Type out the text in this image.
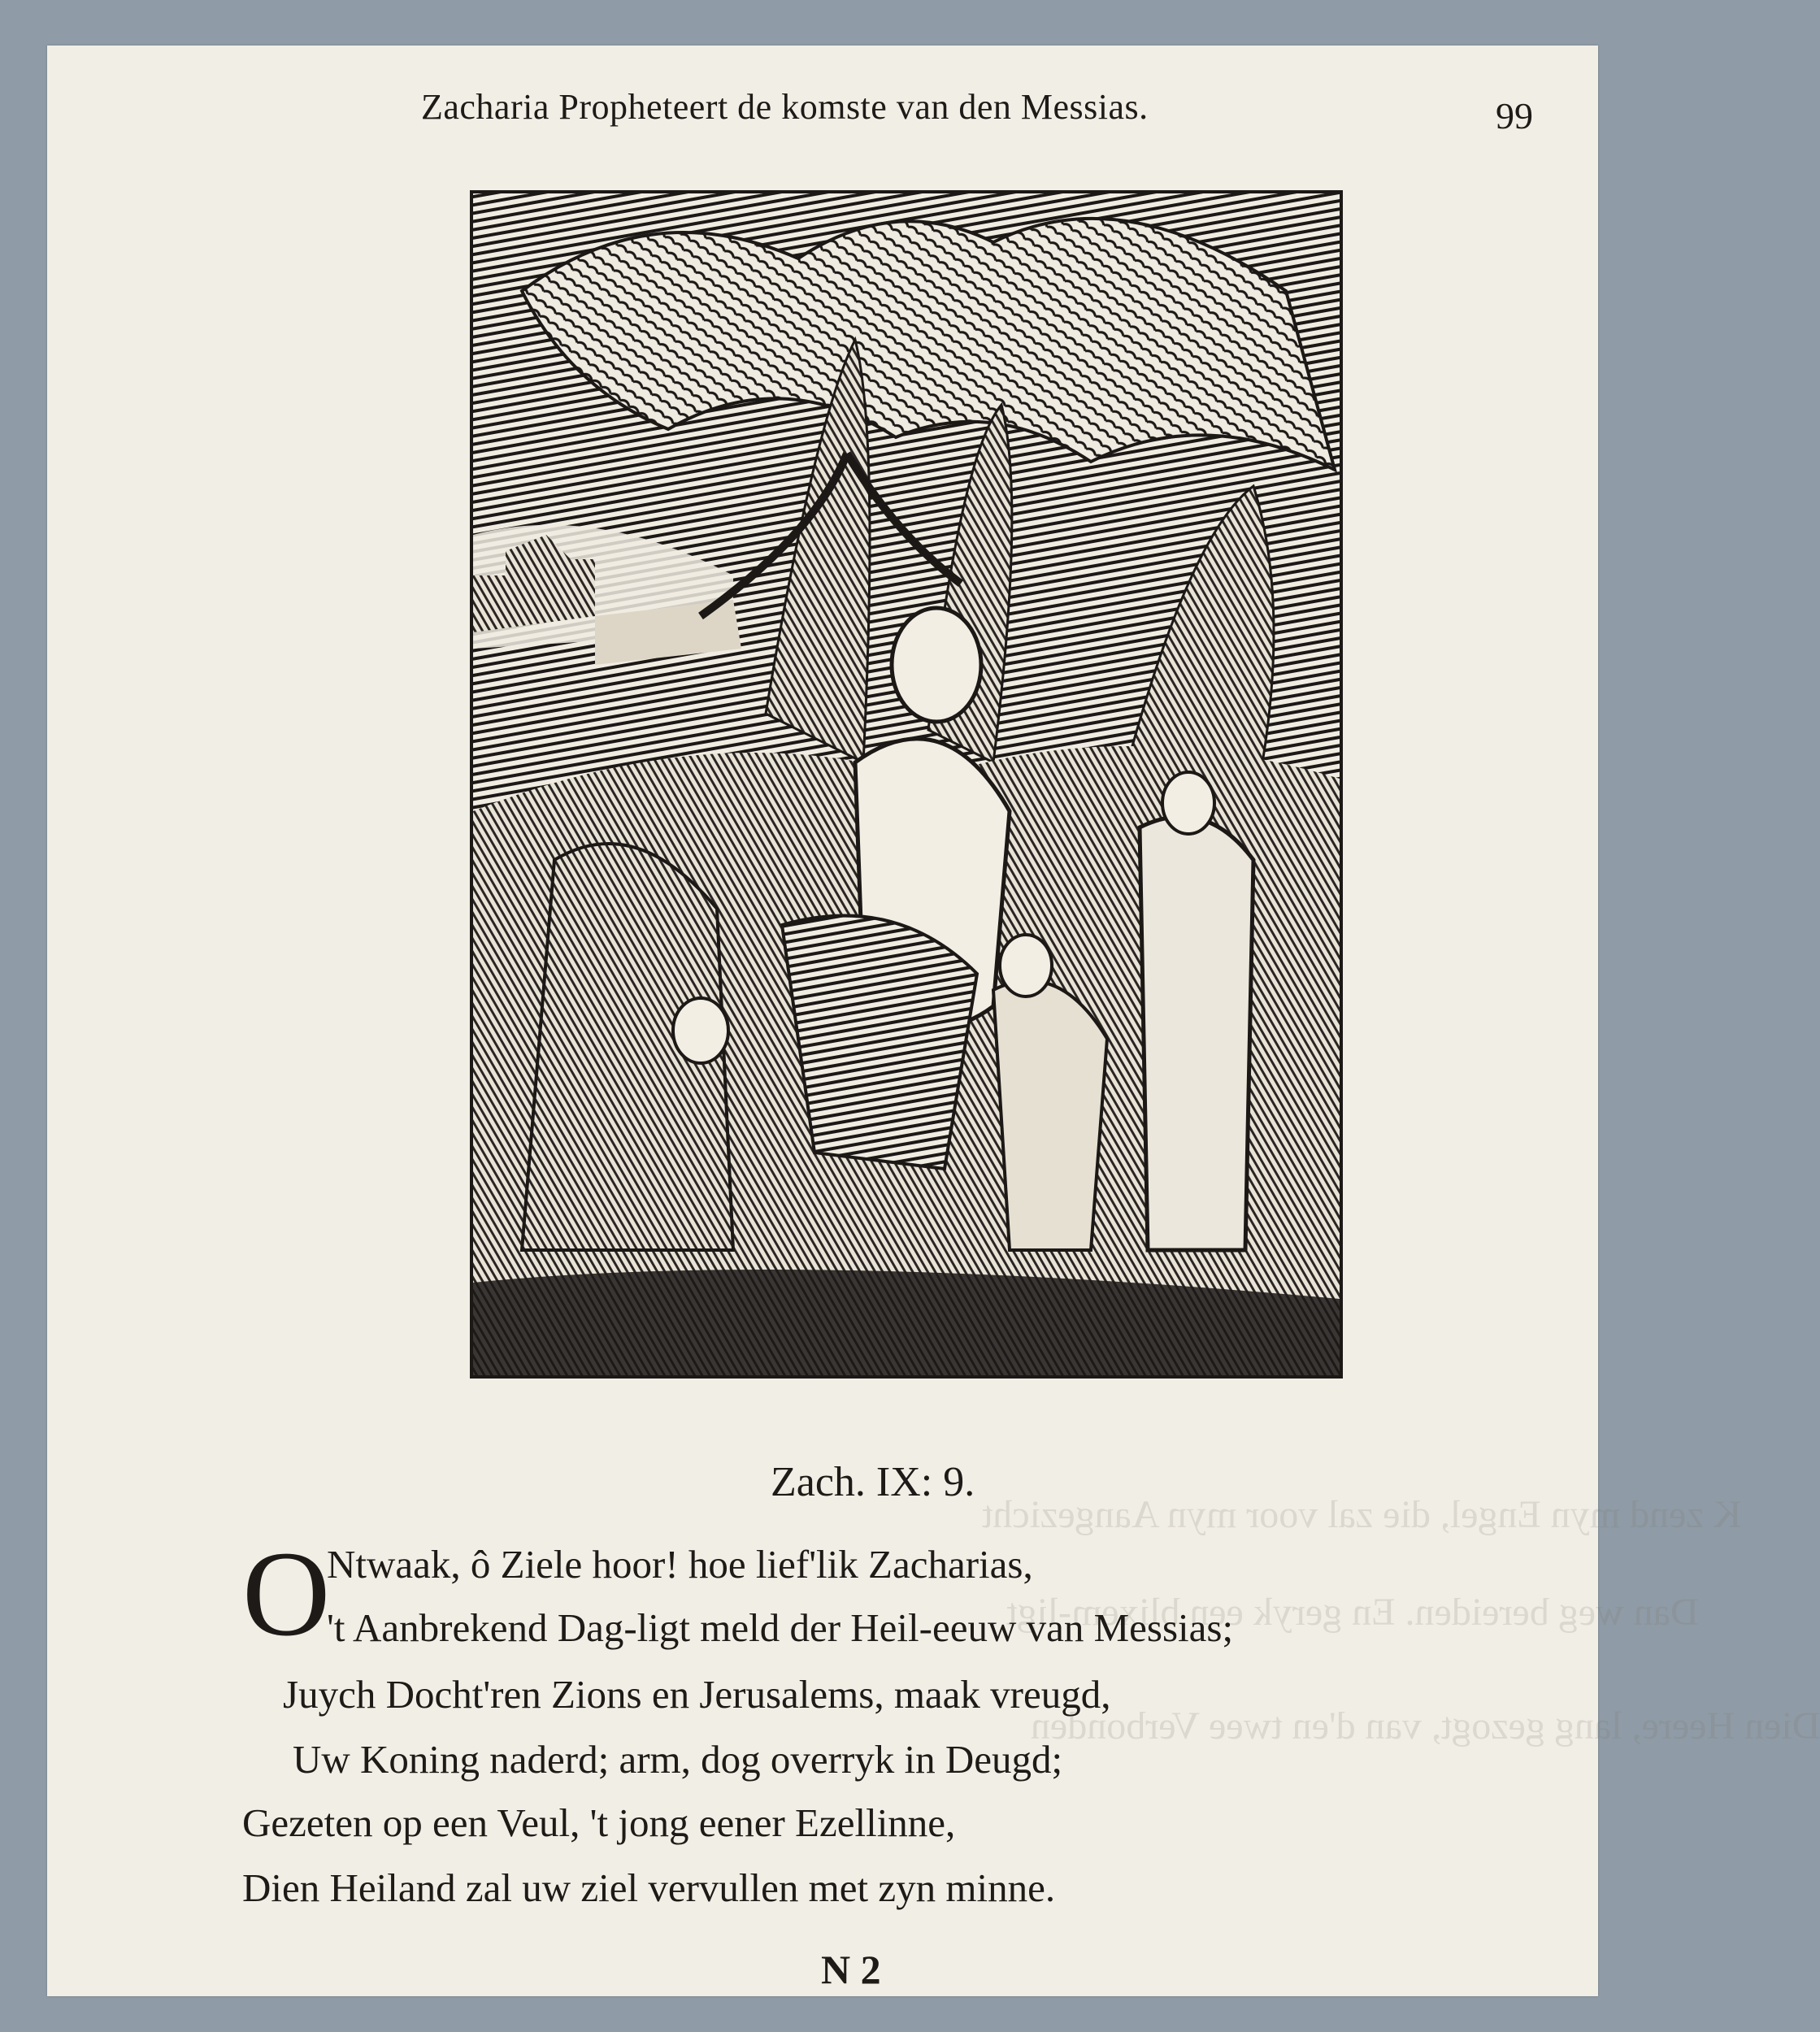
K zend myn Engel, die zal voor myn Aangezicht
Dan weg bereiden. En geryk een blixem-ligt
Dien Heere, lang gezogt, van d'en twee Verbonden
Zacharia Propheteert de komste van den Messias.	99
Zach. IX: 9.
O
Ntwaak, ô Ziele hoor! hoe lief'lik Zacharias,
't Aanbrekend Dag-ligt meld der Heil-eeuw van Messias;
Juych Docht'ren Zions en Jerusalems, maak vreugd,
Uw Koning naderd; arm, dog overryk in Deugd;
Gezeten op een Veul, 't jong eener Ezellinne,
Dien Heiland zal uw ziel vervullen met zyn minne.
N 2
